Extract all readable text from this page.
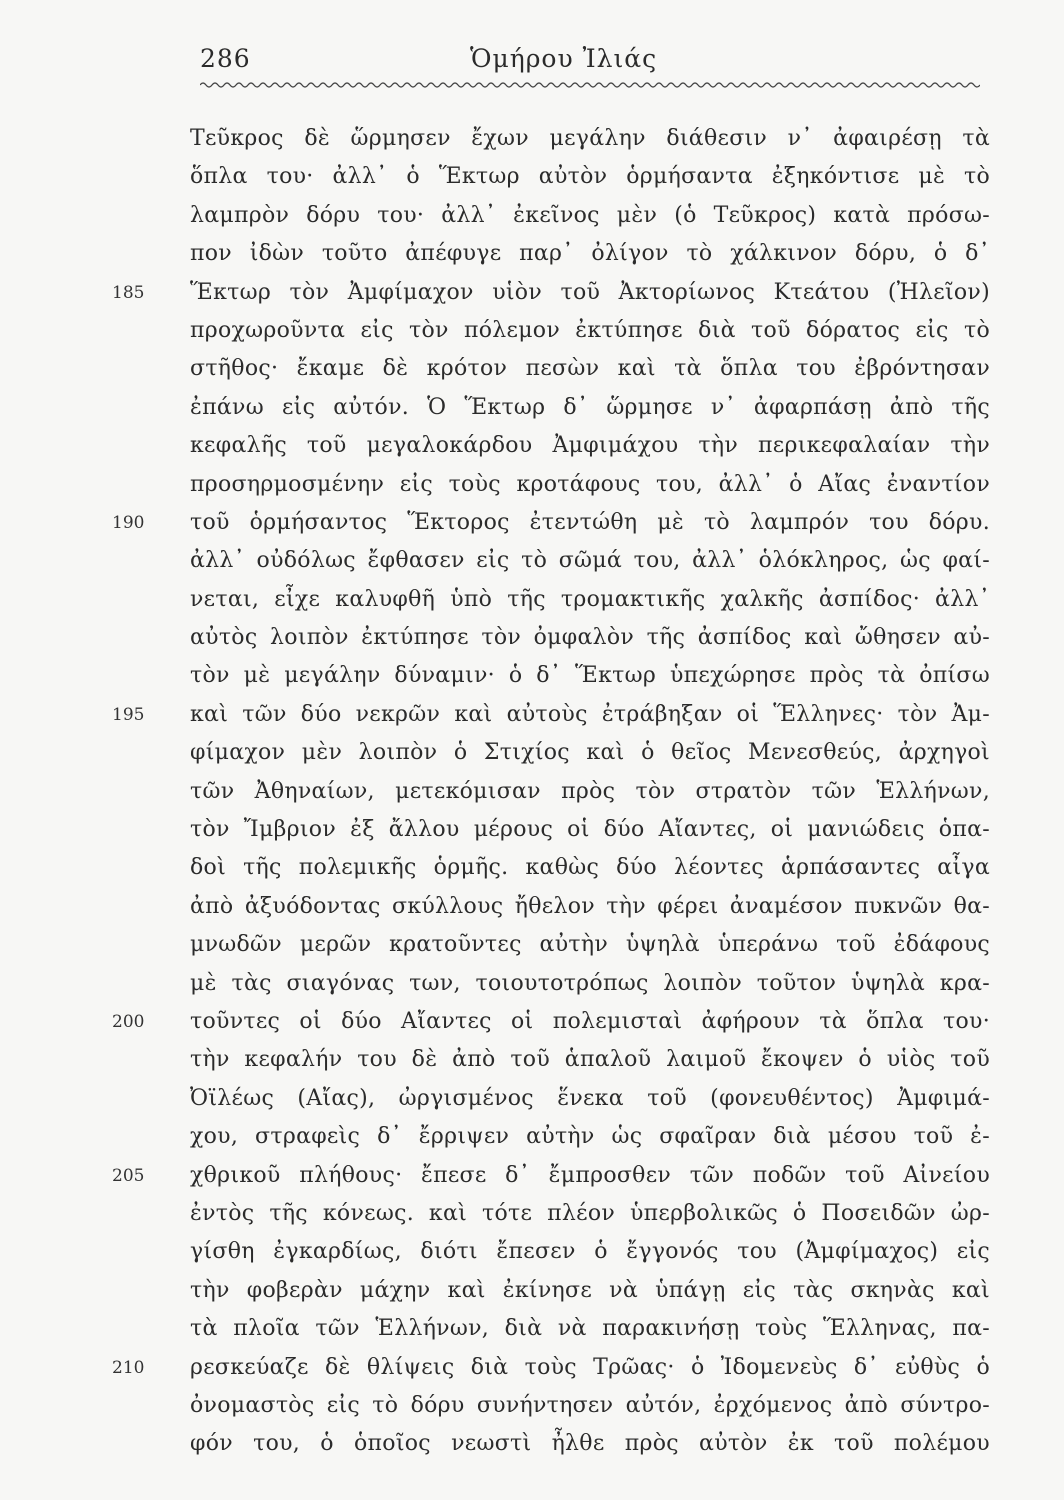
286	Ὁμήρου Ἰλιάς
185
190
195
200
205
210
Τεῦκρος δὲ ὥρμησεν ἔχων μεγάλην διάθεσιν ν᾽ ἀφαιρέσῃ τὰ
ὅπλα του· ἀλλ᾽ ὁ Ἕκτωρ αὐτὸν ὁρμήσαντα ἐξηκόντισε μὲ τὸ
λαμπρὸν δόρυ του· ἀλλ᾽ ἐκεῖνος μὲν (ὁ Τεῦκρος) κατὰ πρόσω-
πον ἰδὼν τοῦτο ἀπέφυγε παρ᾽ ὀλίγον τὸ χάλκινον δόρυ, ὁ δ᾽
Ἕκτωρ τὸν Ἀμφίμαχον υἱὸν τοῦ Ἀκτορίωνος Κτεάτου (Ἠλεῖον)
προχωροῦντα εἰς τὸν πόλεμον ἐκτύπησε διὰ τοῦ δόρατος εἰς τὸ
στῆθος· ἔκαμε δὲ κρότον πεσὼν καὶ τὰ ὅπλα του ἐβρόντησαν
ἐπάνω εἰς αὐτόν. Ὁ Ἕκτωρ δ᾽ ὥρμησε ν᾽ ἀφαρπάσῃ ἀπὸ τῆς
κεφαλῆς τοῦ μεγαλοκάρδου Ἀμφιμάχου τὴν περικεφαλαίαν τὴν
προσηρμοσμένην εἰς τοὺς κροτάφους του, ἀλλ᾽ ὁ Αἴας ἐναντίον
τοῦ ὁρμήσαντος Ἕκτορος ἐτεντώθη μὲ τὸ λαμπρόν του δόρυ.
ἀλλ᾽ οὐδόλως ἔφθασεν εἰς τὸ σῶμά του, ἀλλ᾽ ὁλόκληρος, ὡς φαί-
νεται, εἶχε καλυφθῆ ὑπὸ τῆς τρομακτικῆς χαλκῆς ἀσπίδος· ἀλλ᾽
αὐτὸς λοιπὸν ἐκτύπησε τὸν ὀμφαλὸν τῆς ἀσπίδος καὶ ὤθησεν αὐ-
τὸν μὲ μεγάλην δύναμιν· ὁ δ᾽ Ἕκτωρ ὑπεχώρησε πρὸς τὰ ὀπίσω
καὶ τῶν δύο νεκρῶν καὶ αὐτοὺς ἐτράβηξαν οἱ Ἕλληνες· τὸν Ἀμ-
φίμαχον μὲν λοιπὸν ὁ Στιχίος καὶ ὁ θεῖος Μενεσθεύς, ἀρχηγοὶ
τῶν Ἀθηναίων, μετεκόμισαν πρὸς τὸν στρατὸν τῶν Ἑλλήνων,
τὸν Ἴμβριον ἐξ ἄλλου μέρους οἱ δύο Αἴαντες, οἱ μανιώδεις ὁπα-
δοὶ τῆς πολεμικῆς ὁρμῆς. καθὼς δύο λέοντες ἁρπάσαντες αἶγα
ἀπὸ ἀξυόδοντας σκύλλους ἤθελον τὴν φέρει ἀναμέσον πυκνῶν θα-
μνωδῶν μερῶν κρατοῦντες αὐτὴν ὑψηλὰ ὑπεράνω τοῦ ἐδάφους
μὲ τὰς σιαγόνας των, τοιουτοτρόπως λοιπὸν τοῦτον ὑψηλὰ κρα-
τοῦντες οἱ δύο Αἴαντες οἱ πολεμισταὶ ἀφήρουν τὰ ὅπλα του·
τὴν κεφαλήν του δὲ ἀπὸ τοῦ ἁπαλοῦ λαιμοῦ ἔκοψεν ὁ υἱὸς τοῦ
Ὀϊλέως (Αἴας), ὠργισμένος ἕνεκα τοῦ (φονευθέντος) Ἀμφιμά-
χου, στραφεὶς δ᾽ ἔρριψεν αὐτὴν ὡς σφαῖραν διὰ μέσου τοῦ ἐ-
χθρικοῦ πλήθους· ἔπεσε δ᾽ ἔμπροσθεν τῶν ποδῶν τοῦ Αἰνείου
ἐντὸς τῆς κόνεως. καὶ τότε πλέον ὑπερβολικῶς ὁ Ποσειδῶν ὠρ-
γίσθη ἐγκαρδίως, διότι ἔπεσεν ὁ ἔγγονός του (Ἀμφίμαχος) εἰς
τὴν φοβερὰν μάχην καὶ ἐκίνησε νὰ ὑπάγῃ εἰς τὰς σκηνὰς καὶ
τὰ πλοῖα τῶν Ἑλλήνων, διὰ νὰ παρακινήσῃ τοὺς Ἕλληνας, πα-
ρεσκεύαζε δὲ θλίψεις διὰ τοὺς Τρῶας· ὁ Ἰδομενεὺς δ᾽ εὐθὺς ὁ
ὀνομαστὸς εἰς τὸ δόρυ συνήντησεν αὐτόν, ἐρχόμενος ἀπὸ σύντρο-
φόν του, ὁ ὁποῖος νεωστὶ ἦλθε πρὸς αὐτὸν ἐκ τοῦ πολέμου
